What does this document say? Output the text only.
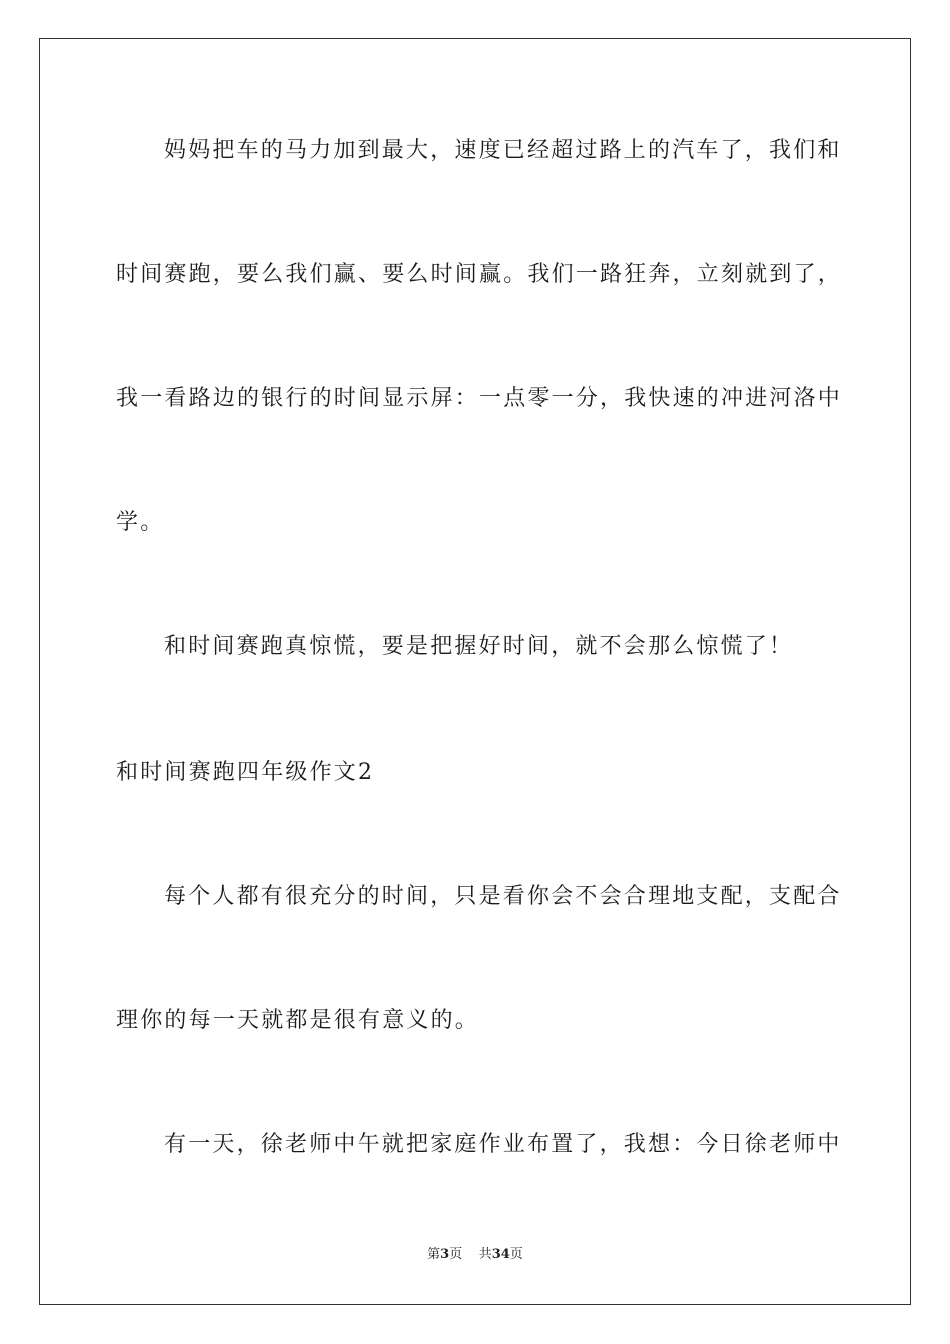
妈妈把车的马力加到最大，速度已经超过路上的汽车了，我们和
时间赛跑，要么我们赢、要么时间赢。我们一路狂奔，立刻就到了，
我一看路边的银行的时间显示屏：一点零一分，我快速的冲进河洛中
学。
和时间赛跑真惊慌，要是把握好时间，就不会那么惊慌了！
和时间赛跑四年级作文2
每个人都有很充分的时间，只是看你会不会合理地支配，支配合
理你的每一天就都是很有意义的。
有一天，徐老师中午就把家庭作业布置了，我想：今日徐老师中
第3页 共34页
